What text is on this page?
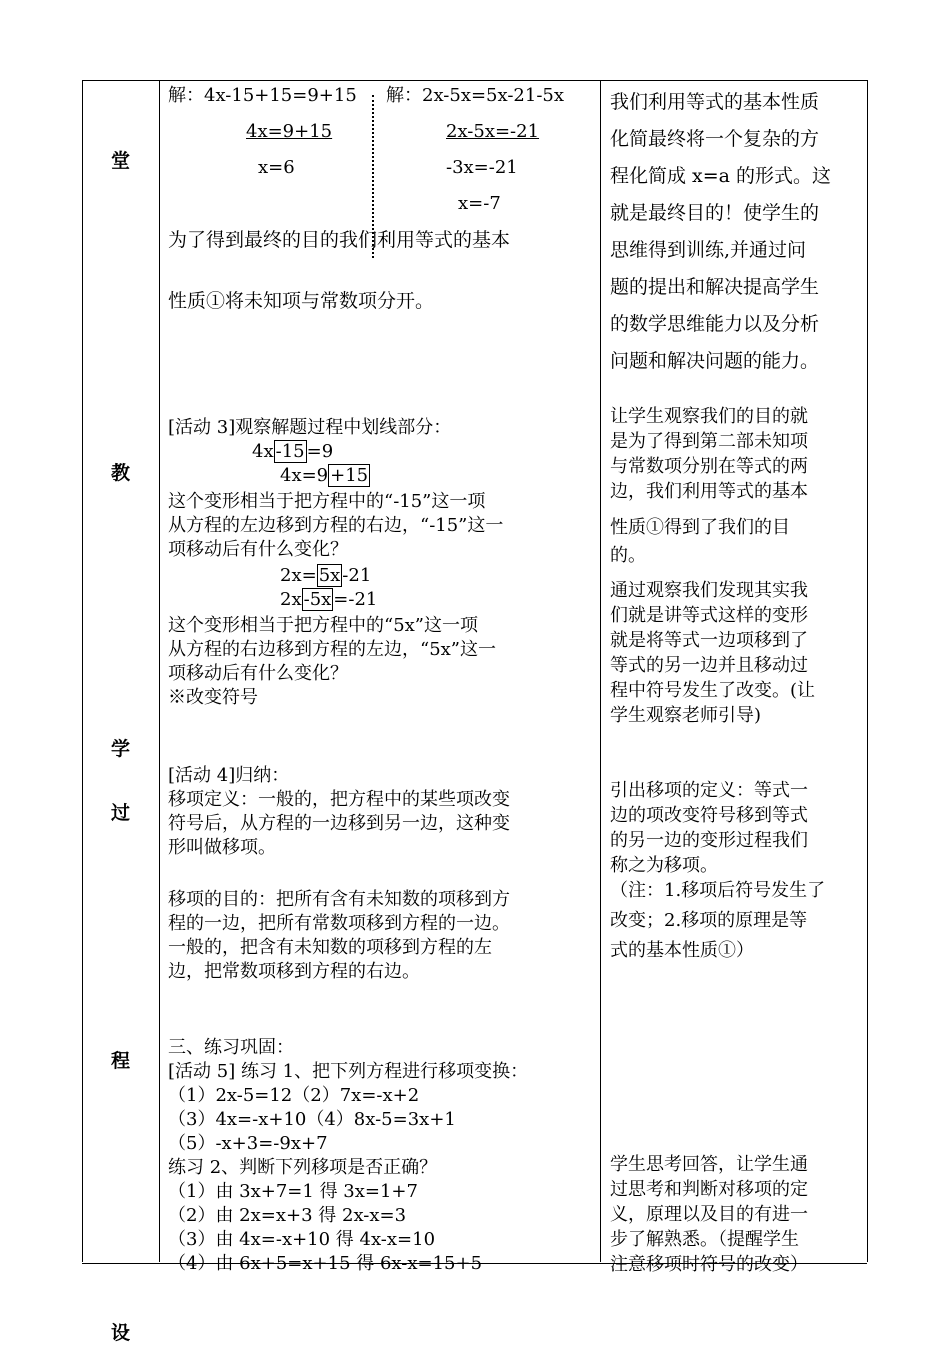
堂
教
学
过
程
设
解：4x-15+15=9+15
4x=9+15
x=6
解：2x-5x=5x-21-5x
2x-5x=-21
-3x=-21
x=-7
为了得到最终的目的我们利用等式的基本
性质①将未知项与常数项分开。
[活动 3]观察解题过程中划线部分：
4x -15 =9
4x=9 +15
这个变形相当于把方程中的“-15”这一项
从方程的左边移到方程的右边，“-15”这一
项移动后有什么变化？
2x= 5x -21
2x -5x =-21
这个变形相当于把方程中的“5x”这一项
从方程的右边移到方程的左边，“5x”这一
项移动后有什么变化？
※改变符号
[活动 4]归纳：
移项定义：一般的，把方程中的某些项改变
符号后，从方程的一边移到另一边，这种变
形叫做移项。
移项的目的：把所有含有未知数的项移到方
程的一边，把所有常数项移到方程的一边。
一般的，把含有未知数的项移到方程的左
边，把常数项移到方程的右边。
三、练习巩固：
[活动 5] 练习 1、把下列方程进行移项变换：
（1）2x-5=12（2）7x=-x+2
（3）4x=-x+10（4）8x-5=3x+1
（5）-x+3=-9x+7
练习 2、判断下列移项是否正确？
（1）由 3x+7=1 得 3x=1+7
（2）由 2x=x+3 得 2x-x=3
（3）由 4x=-x+10 得 4x-x=10
（4）由 6x+5=x+15 得 6x-x=15+5
我们利用等式的基本性质
化简最终将一个复杂的方
程化简成 x=a 的形式。这
就是最终目的！使学生的
思维得到训练,并通过问
题的提出和解决提高学生
的数学思维能力以及分析
问题和解决问题的能力。
让学生观察我们的目的就
是为了得到第二部未知项
与常数项分别在等式的两
边，我们利用等式的基本
性质①得到了我们的目
的。
通过观察我们发现其实我
们就是讲等式这样的变形
就是将等式一边项移到了
等式的另一边并且移动过
程中符号发生了改变。(让
学生观察老师引导)
引出移项的定义：等式一
边的项改变符号移到等式
的另一边的变形过程我们
称之为移项。
（注：1.移项后符号发生了
改变；2.移项的原理是等
式的基本性质①）
学生思考回答，让学生通
过思考和判断对移项的定
义，原理以及目的有进一
步了解熟悉。（提醒学生
注意移项时符号的改变）
